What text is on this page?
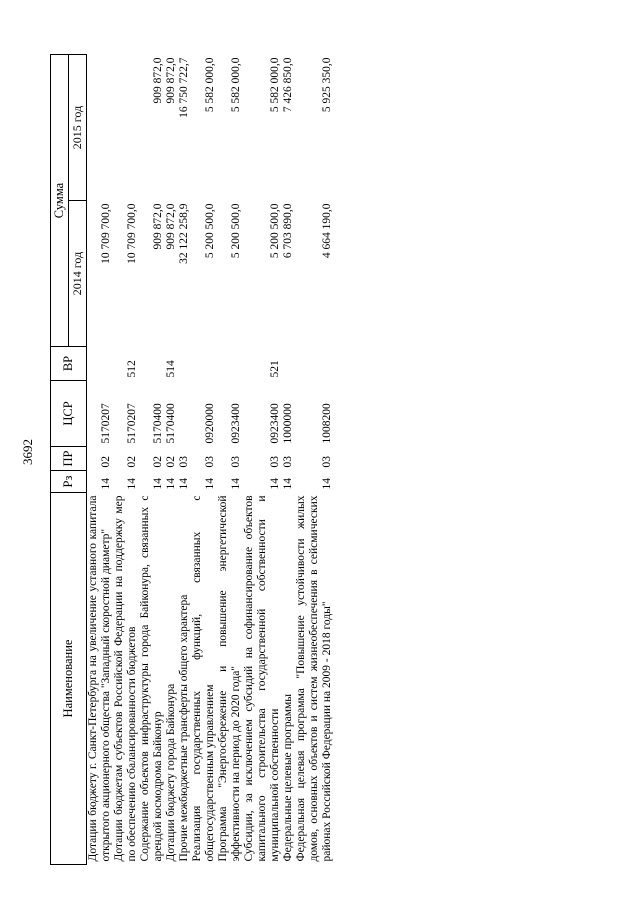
3692
Наименование	Рз	ПР	ЦСР	ВР	Сумма	
					2014 год	2015 год
Дотации бюджету г. Санкт-Петербурга на увеличение уставного капитала открытого акционерного общества "Западный скоростной диаметр"	14	02	5170207		10 709 700,0	
Дотации бюджетам субъектов Российской Федерации на поддержку мер по обеспечению сбалансированности бюджетов	14	02	5170207	512	10 709 700,0	
Содержание объектов инфраструктуры города Байконура, связанных с арендой космодрома Байконур	14	02	5170400		909 872,0	909 872,0
Дотации бюджету города Байконура	14	02	5170400	514	909 872,0	909 872,0
Прочие межбюджетные трансферты общего характера	14	03			32 122 258,9	16 750 722,7
Реализация государственных функций, связанных с общегосударственным управлением	14	03	0920000		5 200 500,0	5 582 000,0
Программа "Энергосбережение и повышение энергетической эффективности на период до 2020 года"	14	03	0923400		5 200 500,0	5 582 000,0
Субсидии, за исключением субсидий на софинансирование объектов капитального строительства государственной собственности и муниципальной собственности	14	03	0923400	521	5 200 500,0	5 582 000,0
Федеральные целевые программы	14	03	1000000		6 703 890,0	7 426 850,0
Федеральная целевая программа "Повышение устойчивости жилых домов, основных объектов и систем жизнеобеспечения в сейсмических районах Российской Федерации на 2009 - 2018 годы"	14	03	1008200		4 664 190,0	5 925 350,0
